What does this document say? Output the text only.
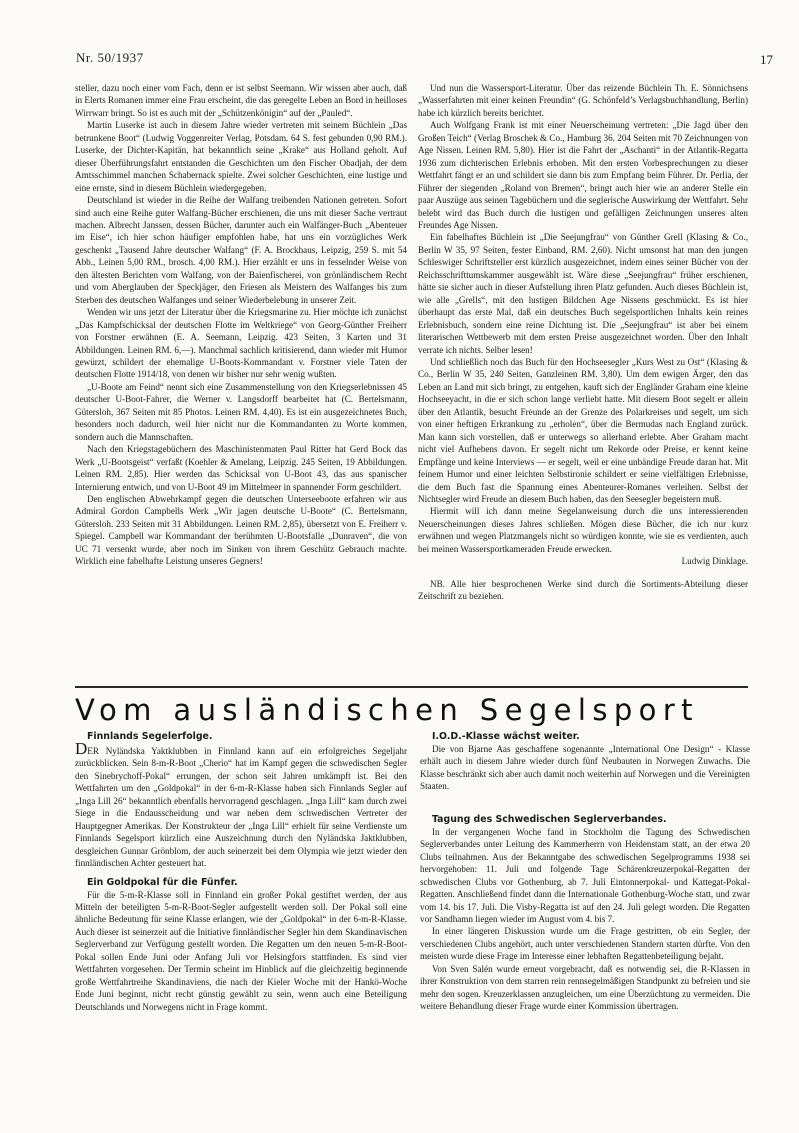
Nr. 50/1937	17

steller, dazu noch einer vom Fach, denn er ist selbst Seemann. Wir wissen aber auch, daß in Elerts Romanen immer eine Frau erscheint, die das geregelte Leben an Bord in heilloses Wirrwarr bringt. So ist es auch mit der „Schützenkönigin“ auf der „Pauled“.

Martin Luserke ist auch in diesem Jahre wieder vertreten mit seinem Büchlein „Das betrunkene Boot“ (Ludwig Voggenreiter Verlag, Potsdam. 64 S. fest gebunden 0,90 RM.). Luserke, der Dichter-Kapitän, hat bekanntlich seine „Krake“ aus Holland geholt. Auf dieser Überführungsfahrt entstanden die Geschichten um den Fischer Obadjah, der dem Amtsschimmel manchen Schabernack spielte. Zwei solcher Geschichten, eine lustige und eine ernste, sind in diesem Büchlein wiedergegeben.

Deutschland ist wieder in die Reihe der Walfang treibenden Nationen getreten. Sofort sind auch eine Reihe guter Walfang-Bücher erschienen, die uns mit dieser Sache vertraut machen. Albrecht Janssen, dessen Bücher, darunter auch ein Walfänger-Buch „Abenteuer im Eise“, ich hier schon häufiger empfohlen habe, hat uns ein vorzügliches Werk geschenkt „Tausend Jahre deutscher Walfang“ (F. A. Brockhaus, Leipzig, 259 S. mit 54 Abb., Leinen 5,00 RM., brosch. 4,00 RM.). Hier erzählt er uns in fesselnder Weise von den ältesten Berichten vom Walfang, von der Baienfischerei, von grönländischem Recht und vom Aberglauben der Speckjäger, den Friesen als Meistern des Walfanges bis zum Sterben des deutschen Walfanges und seiner Wiederbelebung in unserer Zeit.

Wenden wir uns jetzt der Literatur über die Kriegsmarine zu. Hier möchte ich zunächst „Das Kampfschicksal der deutschen Flotte im Weltkriege“ von Georg-Günther Freiherr von Forstner erwähnen (E. A. Seemann, Leipzig. 423 Seiten, 3 Karten und 31 Abbildungen. Leinen RM. 6,—). Manchmal sachlich kritisierend, dann wieder mit Humor gewürzt, schildert der ehemalige U-Boots-Kommandant v. Forstner viele Taten der deutschen Flotte 1914/18, von denen wir bisher nur sehr wenig wußten.

„U-Boote am Feind“ nennt sich eine Zusammenstellung von den Kriegserlebnissen 45 deutscher U-Boot-Fahrer, die Werner v. Langsdorff bearbeitet hat (C. Bertelsmann, Gütersloh, 367 Seiten mit 85 Photos. Leinen RM. 4,40). Es ist ein ausgezeichnetes Buch, besonders noch dadurch, weil hier nicht nur die Kommandanten zu Worte kommen, sondern auch die Mannschaften.

Nach den Kriegstagebüchern des Maschinistenmaten Paul Ritter hat Gerd Bock das Werk „U-Bootsgeist“ verfaßt (Koehler & Amelang, Leipzig. 245 Seiten, 19 Abbildungen. Leinen RM. 2,85). Hier werden das Schicksal von U-Boot 43, das aus spanischer Internierung entwich, und von U-Boot 49 im Mittelmeer in spannender Form geschildert.

Den englischen Abwehrkampf gegen die deutschen Unterseeboote erfahren wir aus Admiral Gordon Campbells Werk „Wir jagen deutsche U-Boote“ (C. Bertelsmann, Gütersloh. 233 Seiten mit 31 Abbildungen. Leinen RM. 2,85), übersetzt von E. Freiherr v. Spiegel. Campbell war Kommandant der berühmten U-Bootsfalle „Dunraven“, die von UC 71 versenkt wurde, aber noch im Sinken von ihrem Geschütz Gebrauch machte. Wirklich eine fabelhafte Leistung unseres Gegners!

Und nun die Wassersport-Literatur. Über das reizende Büchlein Th. E. Sönnichsens „Wasserfahrten mit einer keinen Freundin“ (G. Schönfeld’s Verlagsbuchhandlung, Berlin) habe ich kürzlich bereits berichtet.

Auch Wolfgang Frank ist mit einer Neuerscheinung vertreten: „Die Jagd über den Großen Teich“ (Verlag Broschek & Co., Hamburg 36. 204 Seiten mit 70 Zeichnungen von Age Nissen. Leinen RM. 5,80). Hier ist die Fahrt der „Aschanti“ in der Atlantik-Regatta 1936 zum dichterischen Erlebnis erhoben. Mit den ersten Vorbesprechungen zu dieser Wettfahrt fängt er an und schildert sie dann bis zum Empfang beim Führer. Dr. Perlia, der Führer der siegenden „Roland von Bremen“, bringt auch hier wie an anderer Stelle ein paar Auszüge aus seinen Tagebüchern und die seglerische Auswirkung der Wettfahrt. Sehr belebt wird das Buch durch die lustigen und gefälligen Zeichnungen unseres alten Freundes Age Nissen.

Ein fabelhaftes Büchlein ist „Die Seejungfrau“ von Günther Grell (Klasing & Co., Berlin W 35, 97 Seiten, fester Einband, RM. 2,60). Nicht umsonst hat man den jungen Schleswiger Schriftsteller erst kürzlich ausgezeichnet, indem eines seiner Bücher von der Reichsschrifttumskammer ausgewählt ist. Wäre diese „Seejungfrau“ früher erschienen, hätte sie sicher auch in dieser Aufstellung ihren Platz gefunden. Auch dieses Büchlein ist, wie alle „Grells“, mit den lustigen Bildchen Age Nissens geschmückt. Es ist hier überhaupt das erste Mal, daß ein deutsches Buch segelsportlichen Inhalts kein reines Erlebnisbuch, sondern eine reine Dichtung ist. Die „Seejungfrau“ ist aber bei einem literarischen Wettbewerb mit dem ersten Preise ausgezeichnet worden. Über den Inhalt verrate ich nichts. Selber lesen!

Und schließlich noch das Buch für den Hochseesegler „Kurs West zu Ost“ (Klasing & Co., Berlin W 35, 240 Seiten, Ganzleinen RM. 3,80). Um dem ewigen Ärger, den das Leben an Land mit sich bringt, zu entgehen, kauft sich der Engländer Graham eine kleine Hochseeyacht, in die er sich schon lange verliebt hatte. Mit diesem Boot segelt er allein über den Atlantik, besucht Freunde an der Grenze des Polarkreises und segelt, um sich von einer heftigen Erkrankung zu „erholen“, über die Bermudas nach England zurück. Man kann sich vorstellen, daß er unterwegs so allerhand erlebte. Aber Graham macht nicht viel Aufhebens davon. Er segelt nicht um Rekorde oder Preise, er kennt keine Empfänge und keine Interviews — er segelt, weil er eine unbändige Freude daran hat. Mit feinem Humor und einer leichten Selbstironie schildert er seine vielfältigen Erlebnisse, die dem Buch fast die Spannung eines Abenteurer-Romanes verleihen. Selbst der Nichtsegler wird Freude an diesem Buch haben, das den Seesegler begeistern muß.

Hiermit will ich dann meine Segelanweisung durch die uns interessierenden Neuerscheinungen dieses Jahres schließen. Mögen diese Bücher, die ich nur kurz erwähnen und wegen Platzmangels nicht so würdigen konnte, wie sie es verdienten, auch bei meinen Wassersportkameraden Freude erwecken.

Ludwig Dinklage.

NB. Alle hier besprochenen Werke sind durch die Sortiments-Abteilung dieser Zeitschrift zu beziehen.

Vom ausländischen Segelsport

Finnlands Segelerfolge.

DER Nyländska Yaktklubben in Finnland kann auf ein erfolgreiches Segeljahr zurückblicken. Sein 8-m-R-Boot „Cherio“ hat im Kampf gegen die schwedischen Segler den Sinebrychoff-Pokal“ errungen, der schon seit Jahren umkämpft ist. Bei den Wettfahrten um den „Goldpokal“ in der 6-m-R-Klasse haben sich Finnlands Segler auf „Inga Lill 26“ bekanntlich ebenfalls hervorragend geschlagen. „Inga Lill“ kam durch zwei Siege in die Endausscheidung und war neben dem schwedischen Vertreter der Hauptgegner Amerikas. Der Konstrukteur der „Inga Lill“ erhielt für seine Verdienste um Finnlands Segelsport kürzlich eine Auszeichnung durch den Nyländska Jaktklubben, desgleichen Gunnar Grönblom, der auch seinerzeit bei dem Olympia wie jetzt wieder den finnländischen Achter gesteuert hat.

Ein Goldpokal für die Fünfer.

Für die 5-m-R-Klasse soll in Finnland ein großer Pokal gestiftet werden, der aus Mitteln der beteiligten 5-m-R-Boot-Segler aufgestellt werden soll. Der Pokal soll eine ähnliche Bedeutung für seine Klasse erlangen, wie der „Goldpokal“ in der 6-m-R-Klasse. Auch dieser ist seinerzeit auf die Initiative finnländischer Segler hin dem Skandinavischen Seglerverband zur Verfügung gestellt worden. Die Regatten um den neuen 5-m-R-Boot-Pokal sollen Ende Juni oder Anfang Juli vor Helsingfors stattfinden. Es sind vier Wettfahrten vorgesehen. Der Termin scheint im Hinblick auf die gleichzeitig beginnende große Wettfahrtreihe Skandinaviens, die nach der Kieler Woche mit der Hankö-Woche Ende Juni beginnt, nicht recht günstig gewählt zu sein, wenn auch eine Beteiligung Deutschlands und Norwegens nicht in Frage kommt.

I.O.D.-Klasse wächst weiter.

Die von Bjarne Aas geschaffene sogenannte „International One Design“ - Klasse erhält auch in diesem Jahre wieder durch fünf Neubauten in Norwegen Zuwachs. Die Klasse beschränkt sich aber auch damit noch weiterhin auf Norwegen und die Vereinigten Staaten.

Tagung des Schwedischen Seglerverbandes.

In der vergangenen Woche fand in Stockholm die Tagung des Schwedischen Seglerverbandes unter Leitung des Kammerherrn von Heidenstam statt, an der etwa 20 Clubs teilnahmen. Aus der Bekanntgabe des schwedischen Segelprogramms 1938 sei hervorgehoben: 11. Juli und folgende Tage Schärenkreuzerpokal-Regatten der schwedischen Clubs vor Gothenburg, ab 7. Juli Eintonnerpokal- und Kattegat-Pokal-Regatten. Anschließend findet dann die Internationale Gothenburg-Woche statt, und zwar vom 14. bis 17. Juli. Die Visby-Regatta ist auf den 24. Juli gelegt worden. Die Regatten vor Sandhamn liegen wieder im August vom 4. bis 7.

In einer längeren Diskussion wurde um die Frage gestritten, ob ein Segler, der verschiedenen Clubs angehört, auch unter verschiedenen Standern starten dürfte. Von den meisten wurde diese Frage im Interesse einer lebhaften Regattenbeteiligung bejaht.

Von Sven Salén wurde erneut vorgebracht, daß es notwendig sei, die R-Klassen in ihrer Konstruktion von dem starren rein rennsegelmäßigen Standpunkt zu befreien und sie mehr den sogen. Kreuzerklassen anzugleichen, um eine Überzüchtung zu vermeiden. Die weitere Behandlung dieser Frage wurde einer Kommission übertragen.
